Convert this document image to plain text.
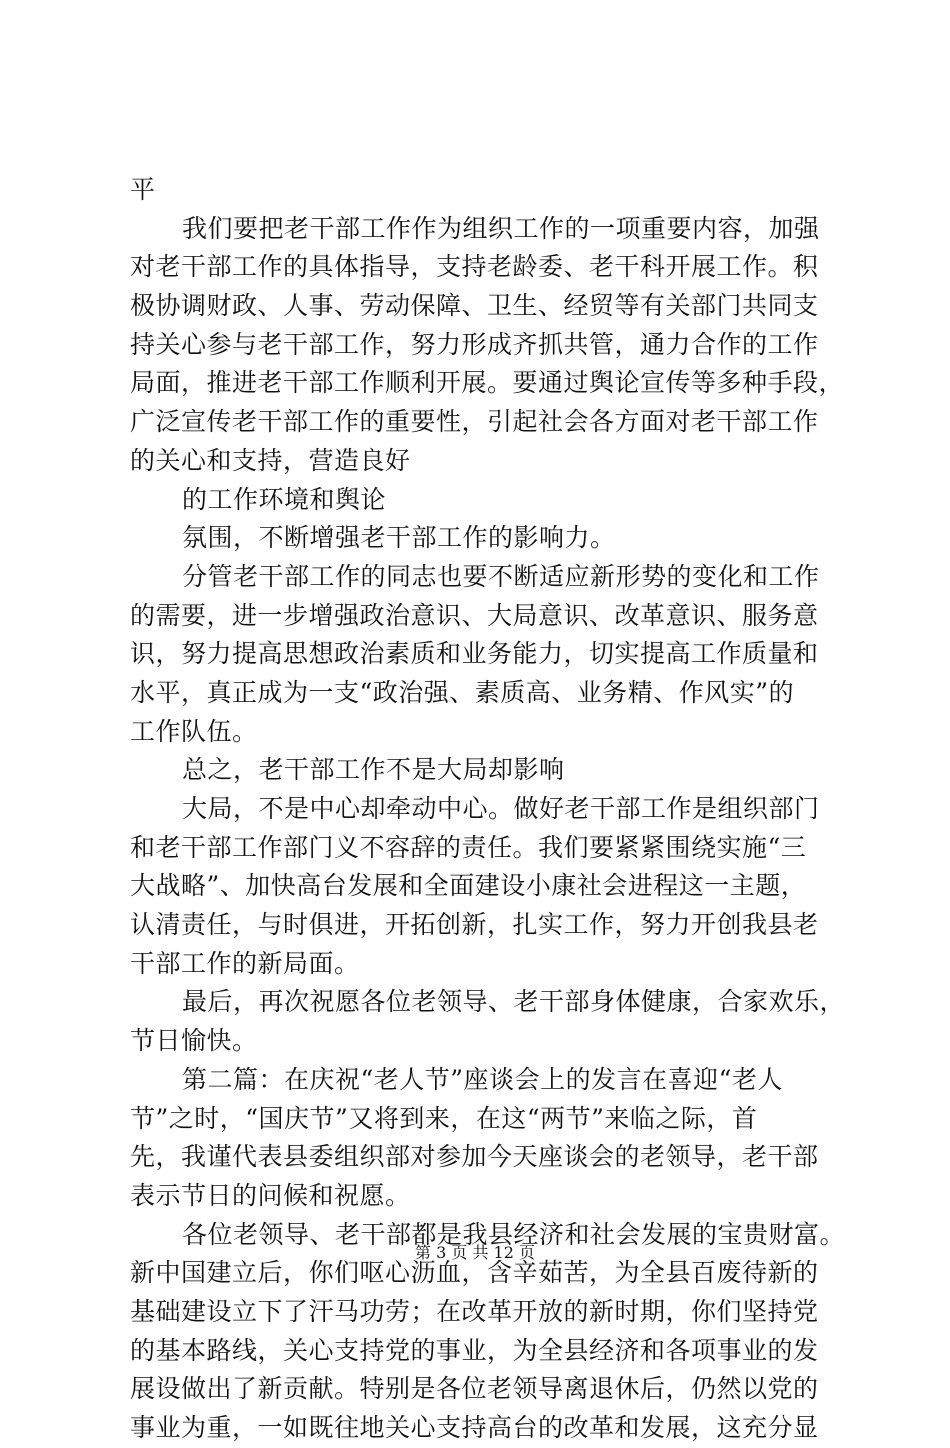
平
我们要把老干部工作作为组织工作的一项重要内容，加强
对老干部工作的具体指导，支持老龄委、老干科开展工作。积
极协调财政、人事、劳动保障、卫生、经贸等有关部门共同支
持关心参与老干部工作，努力形成齐抓共管，通力合作的工作
局面，推进老干部工作顺利开展。要通过舆论宣传等多种手段，
广泛宣传老干部工作的重要性，引起社会各方面对老干部工作
的关心和支持，营造良好
的工作环境和舆论
氛围，不断增强老干部工作的影响力。
分管老干部工作的同志也要不断适应新形势的变化和工作
的需要，进一步增强政治意识、大局意识、改革意识、服务意
识，努力提高思想政治素质和业务能力，切实提高工作质量和
水平，真正成为一支“政治强、素质高、业务精、作风实”的
工作队伍。
总之，老干部工作不是大局却影响
大局，不是中心却牵动中心。做好老干部工作是组织部门
和老干部工作部门义不容辞的责任。我们要紧紧围绕实施“三
大战略”、加快高台发展和全面建设小康社会进程这一主题，
认清责任，与时俱进，开拓创新，扎实工作，努力开创我县老
干部工作的新局面。
最后，再次祝愿各位老领导、老干部身体健康，合家欢乐，
节日愉快。
第二篇：在庆祝“老人节”座谈会上的发言在喜迎“老人
节”之时，“国庆节”又将到来，在这“两节”来临之际，首
先，我谨代表县委组织部对参加今天座谈会的老领导，老干部
表示节日的问候和祝愿。
各位老领导、老干部都是我县经济和社会发展的宝贵财富。
新中国建立后，你们呕心沥血，含辛茹苦，为全县百废待新的
基础建设立下了汗马功劳；在改革开放的新时期，你们坚持党
的基本路线，关心支持党的事业，为全县经济和各项事业的发
展设做出了新贡献。特别是各位老领导离退休后，仍然以党的
事业为重，一如既往地关心支持高台的改革和发展，这充分显
第 3 页 共 12 页
